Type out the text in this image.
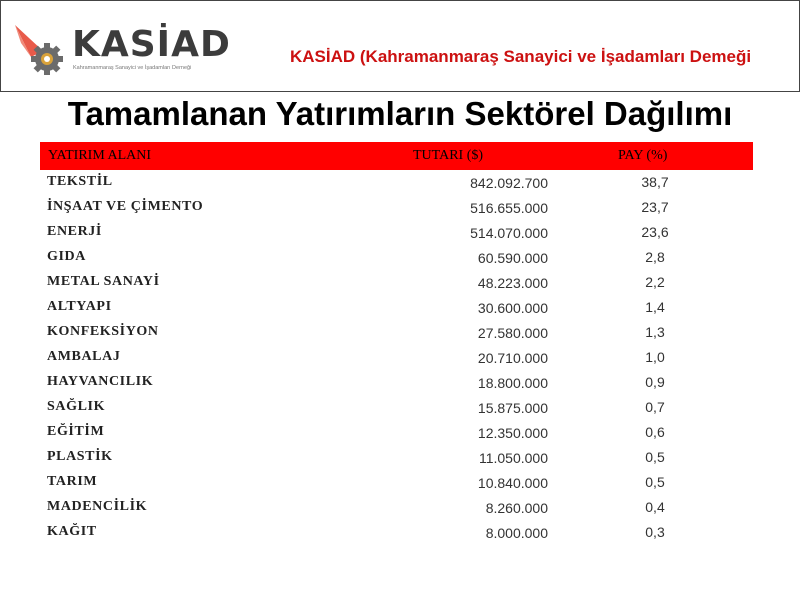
KASİAD
Kahramanmaraş Sanayici ve İşadamları Derneği
KASİAD (Kahramanmaraş Sanayici ve İşadamları Demeği
Tamamlanan Yatırımların Sektörel Dağılımı
YATIRIM ALANI	TUTARI ($)	PAY (%)
TEKSTİL	842.092.700	38,7
İNŞAAT VE ÇİMENTO	516.655.000	23,7
ENERJİ	514.070.000	23,6
GIDA	60.590.000	2,8
METAL SANAYİ	48.223.000	2,2
ALTYAPI	30.600.000	1,4
KONFEKSİYON	27.580.000	1,3
AMBALAJ	20.710.000	1,0
HAYVANCILIK	18.800.000	0,9
SAĞLIK	15.875.000	0,7
EĞİTİM	12.350.000	0,6
PLASTİK	11.050.000	0,5
TARIM	10.840.000	0,5
MADENCİLİK	8.260.000	0,4
KAĞIT	8.000.000	0,3
